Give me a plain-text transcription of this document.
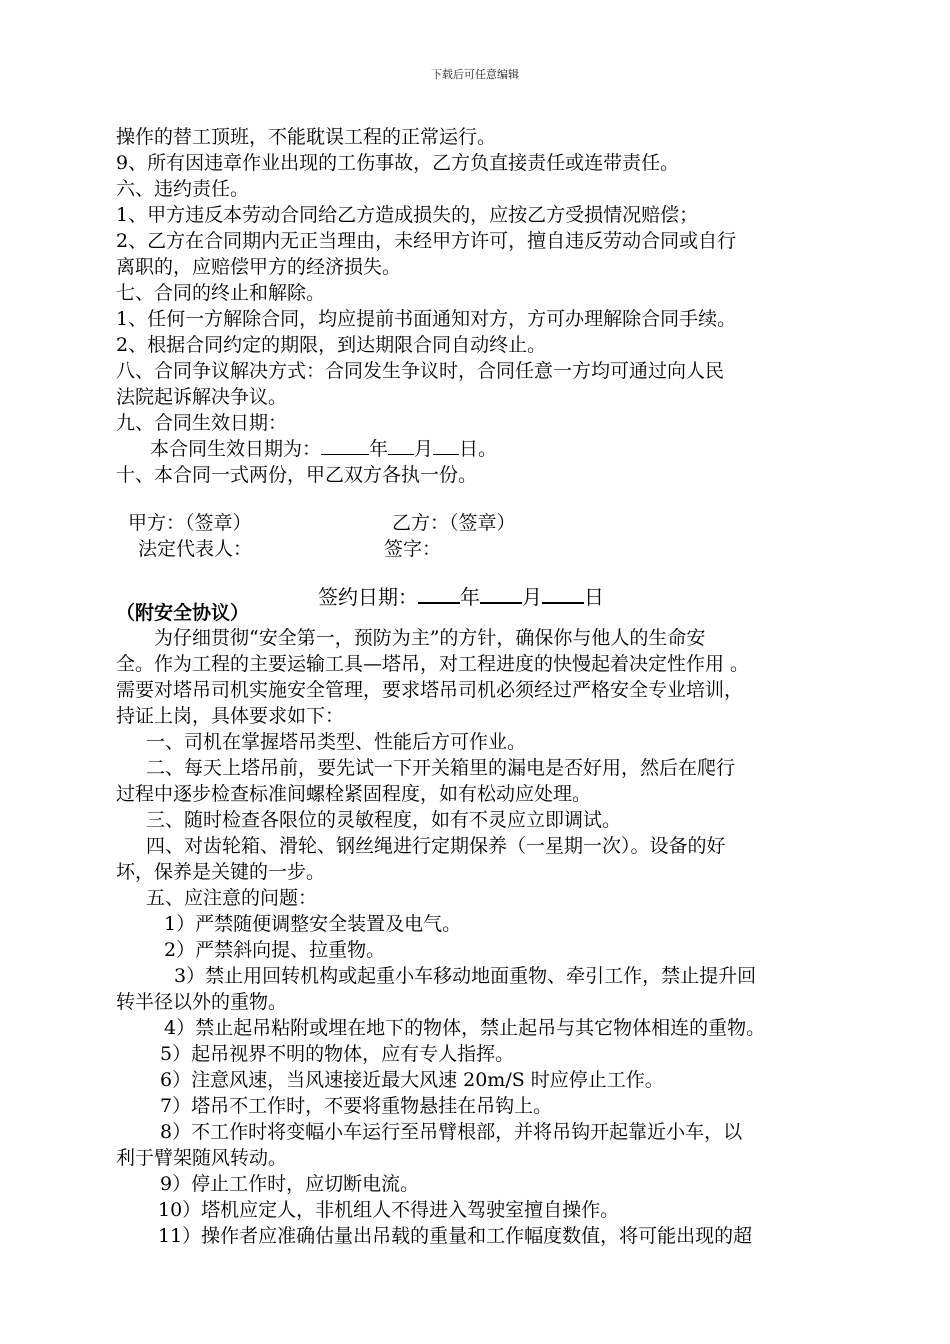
下载后可任意编辑
操作的替工顶班，不能耽误工程的正常运行。
9、所有因违章作业出现的工伤事故，乙方负直接责任或连带责任。
六、违约责任。
1、甲方违反本劳动合同给乙方造成损失的，应按乙方受损情况赔偿；
2、乙方在合同期内无正当理由，未经甲方许可，擅自违反劳动合同或自行
离职的，应赔偿甲方的经济损失。
七、合同的终止和解除。
1、任何一方解除合同，均应提前书面通知对方，方可办理解除合同手续。
2、根据合同约定的期限，到达期限合同自动终止。
八、合同争议解决方式：合同发生争议时，合同任意一方均可通过向人民
法院起诉解决争议。
九、合同生效日期：
本合同生效日期为：	年 月 日。
十、本合同一式两份，甲乙双方各执一份。
甲方：（签章）	乙方：（签章）
法定代表人：	签字：
签约日期： 年 月 日
（附安全协议）
为仔细贯彻“安全第一，预防为主”的方针，确保你与他人的生命安
全。作为工程的主要运输工具—塔吊，对工程进度的快慢起着决定性作用 。
需要对塔吊司机实施安全管理，要求塔吊司机必须经过严格安全专业培训，
持证上岗，具体要求如下：
一、司机在掌握塔吊类型、性能后方可作业。
二、每天上塔吊前，要先试一下开关箱里的漏电是否好用，然后在爬行
过程中逐步检查标准间螺栓紧固程度，如有松动应处理。
三、随时检查各限位的灵敏程度，如有不灵应立即调试。
四、对齿轮箱、滑轮、钢丝绳进行定期保养（一星期一次）。设备的好
坏，保养是关键的一步。
五、应注意的问题：
1）严禁随便调整安全装置及电气。
2）严禁斜向提、拉重物。
3）禁止用回转机构或起重小车移动地面重物、牵引工作，禁止提升回
转半径以外的重物。
4）禁止起吊粘附或埋在地下的物体，禁止起吊与其它物体相连的重物。
5）起吊视界不明的物体，应有专人指挥。
6）注意风速，当风速接近最大风速 20m/S 时应停止工作。
7）塔吊不工作时，不要将重物悬挂在吊钩上。
8）不工作时将变幅小车运行至吊臂根部，并将吊钩开起靠近小车，以
利于臂架随风转动。
9）停止工作时，应切断电流。
10）塔机应定人，非机组人不得进入驾驶室擅自操作。
11）操作者应准确估量出吊载的重量和工作幅度数值，将可能出现的超
